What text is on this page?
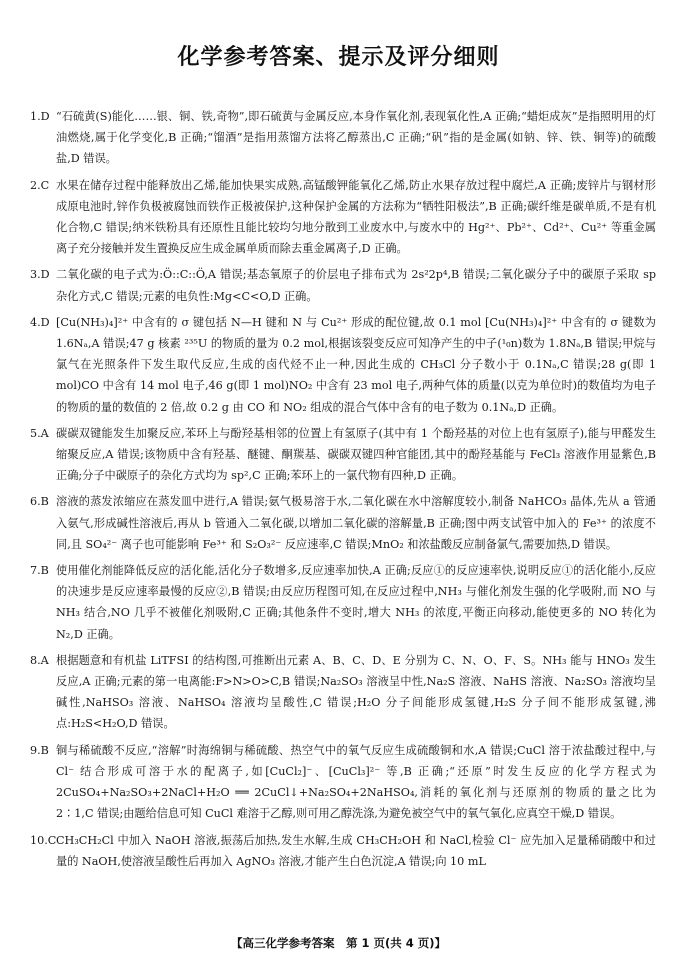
化学参考答案、提示及评分细则
1.D “石硫黄(S)能化……银、铜、铁,奇物”,即石硫黄与金属反应,本身作氧化剂,表现氧化性,A 正确;“蜡炬成灰”是指照明用的灯油燃烧,属于化学变化,B 正确;“馏酒”是指用蒸馏方法将乙醇蒸出,C 正确;“矾”指的是金属(如钠、锌、铁、铜等)的硫酸盐,D 错误。
2.C 水果在储存过程中能释放出乙烯,能加快果实成熟,高锰酸钾能氧化乙烯,防止水果存放过程中腐烂,A 正确;废锌片与钢材形成原电池时,锌作负极被腐蚀而铁作正极被保护,这种保护金属的方法称为“牺牲阳极法”,B 正确;碳纤维是碳单质,不是有机化合物,C 错误;纳米铁粉具有还原性且能比较均匀地分散到工业废水中,与废水中的 Hg²⁺、Pb²⁺、Cd²⁺、Cu²⁺ 等重金属离子充分接触并发生置换反应生成金属单质而除去重金属离子,D 正确。
3.D 二氧化碳的电子式为:Ö::C::Ö,A 错误;基态氧原子的价层电子排布式为 2s²2p⁴,B 错误;二氧化碳分子中的碳原子采取 sp 杂化方式,C 错误;元素的电负性:Mg<C<O,D 正确。
4.D [Cu(NH₃)₄]²⁺ 中含有的 σ 键包括 N—H 键和 N 与 Cu²⁺ 形成的配位键,故 0.1 mol [Cu(NH₃)₄]²⁺ 中含有的 σ 键数为 1.6Nₐ,A 错误;47 g 核素 ²³⁵U 的物质的量为 0.2 mol,根据该裂变反应可知净产生的中子(¹₀n)数为 1.8Nₐ,B 错误;甲烷与氯气在光照条件下发生取代反应,生成的卤代烃不止一种,因此生成的 CH₃Cl 分子数小于 0.1Nₐ,C 错误;28 g(即 1 mol)CO 中含有 14 mol 电子,46 g(即 1 mol)NO₂ 中含有 23 mol 电子,两种气体的质量(以克为单位时)的数值均为电子的物质的量的数值的 2 倍,故 0.2 g 由 CO 和 NO₂ 组成的混合气体中含有的电子数为 0.1Nₐ,D 正确。
5.A 碳碳双键能发生加聚反应,苯环上与酚羟基相邻的位置上有氢原子(其中有 1 个酚羟基的对位上也有氢原子),能与甲醛发生缩聚反应,A 错误;该物质中含有羟基、醚键、酮羰基、碳碳双键四种官能团,其中的酚羟基能与 FeCl₃ 溶液作用显紫色,B 正确;分子中碳原子的杂化方式均为 sp²,C 正确;苯环上的一氯代物有四种,D 正确。
6.B 溶液的蒸发浓缩应在蒸发皿中进行,A 错误;氨气极易溶于水,二氧化碳在水中溶解度较小,制备 NaHCO₃ 晶体,先从 a 管通入氨气,形成碱性溶液后,再从 b 管通入二氧化碳,以增加二氧化碳的溶解量,B 正确;图中两支试管中加入的 Fe³⁺ 的浓度不同,且 SO₄²⁻ 离子也可能影响 Fe³⁺ 和 S₂O₃²⁻ 反应速率,C 错误;MnO₂ 和浓盐酸反应制备氯气,需要加热,D 错误。
7.B 使用催化剂能降低反应的活化能,活化分子数增多,反应速率加快,A 正确;反应①的反应速率快,说明反应①的活化能小,反应的决速步是反应速率最慢的反应②,B 错误;由反应历程图可知,在反应过程中,NH₃ 与催化剂发生强的化学吸附,而 NO 与 NH₃ 结合,NO 几乎不被催化剂吸附,C 正确;其他条件不变时,增大 NH₃ 的浓度,平衡正向移动,能使更多的 NO 转化为 N₂,D 正确。
8.A 根据题意和有机盐 LiTFSI 的结构图,可推断出元素 A、B、C、D、E 分别为 C、N、O、F、S。NH₃ 能与 HNO₃ 发生反应,A 正确;元素的第一电离能:F>N>O>C,B 错误;Na₂SO₃ 溶液呈中性,Na₂S 溶液、NaHS 溶液、Na₂SO₃ 溶液均呈碱性,NaHSO₃ 溶液、NaHSO₄ 溶液均呈酸性,C 错误;H₂O 分子间能形成氢键,H₂S 分子间不能形成氢键,沸点:H₂S<H₂O,D 错误。
9.B 铜与稀硫酸不反应,“溶解”时海绵铜与稀硫酸、热空气中的氧气反应生成硫酸铜和水,A 错误;CuCl 溶于浓盐酸过程中,与 Cl⁻ 结合形成可溶于水的配离子,如[CuCl₂]⁻、[CuCl₃]²⁻ 等,B 正确;“还原”时发生反应的化学方程式为 2CuSO₄+Na₂SO₃+2NaCl+H₂O ══ 2CuCl↓+Na₂SO₄+2NaHSO₄,消耗的氧化剂与还原剂的物质的量之比为 2∶1,C 错误;由题给信息可知 CuCl 难溶于乙醇,则可用乙醇洗涤,为避免被空气中的氧气氧化,应真空干燥,D 错误。
10.C CH₃CH₂Cl 中加入 NaOH 溶液,振荡后加热,发生水解,生成 CH₃CH₂OH 和 NaCl,检验 Cl⁻ 应先加入足量稀硝酸中和过量的 NaOH,使溶液呈酸性后再加入 AgNO₃ 溶液,才能产生白色沉淀,A 错误;向 10 mL
【高三化学参考答案　第 1 页(共 4 页)】
